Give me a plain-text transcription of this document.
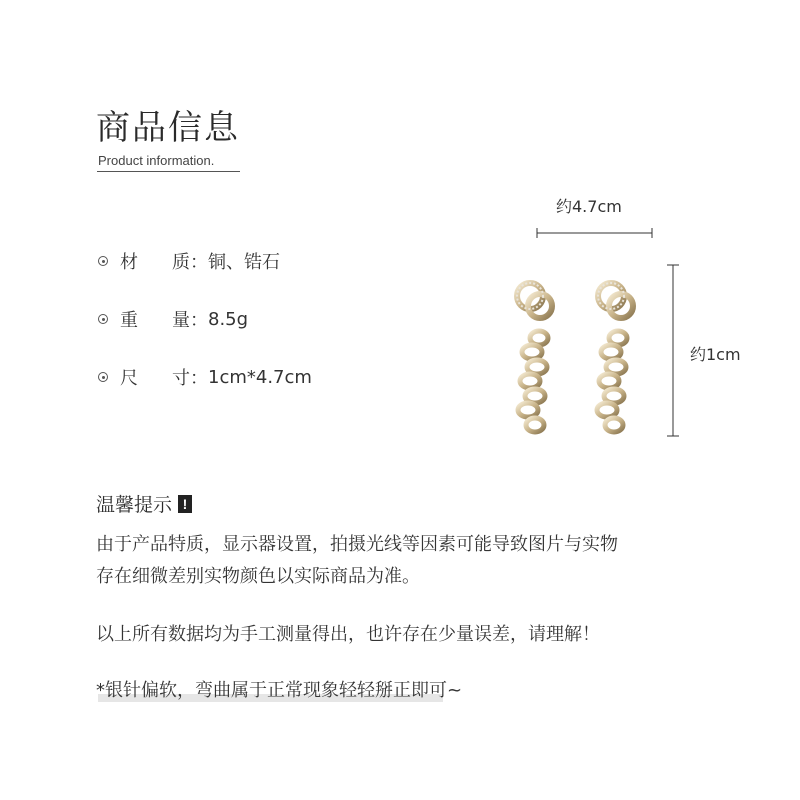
商品信息
Product information.
材	质： 铜、锆石
重	量： 8.5g
尺	寸： 1cm*4.7cm
约4.7cm
约1cm
温馨提示 !
由于产品特质，显示器设置，拍摄光线等因素可能导致图片与实物
存在细微差别实物颜色以实际商品为准。
以上所有数据均为手工测量得出，也许存在少量误差，请理解！
*银针偏软，弯曲属于正常现象轻轻掰正即可~
